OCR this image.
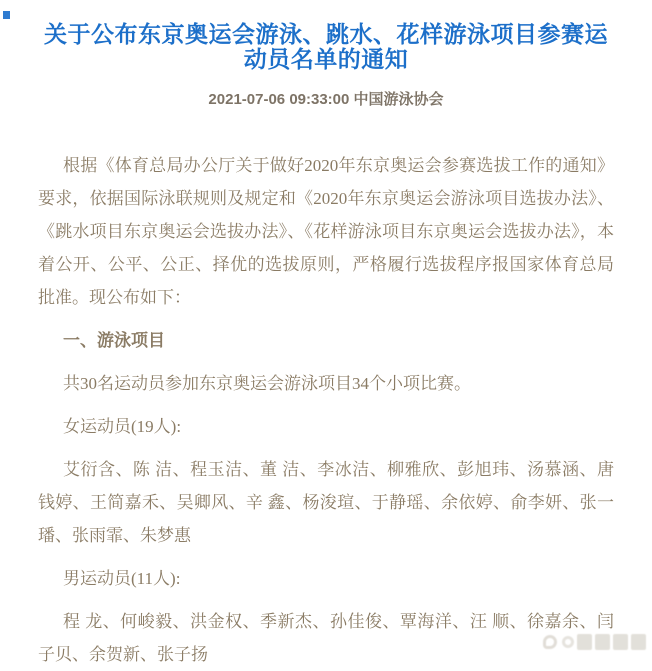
关于公布东京奥运会游泳、跳水、花样游泳项目参赛运
动员名单的通知
2021-07-06 09:33:00 中国游泳协会

根据《体育总局办公厅关于做好2020年东京奥运会参赛选拔工作的通知》要求，依据国际泳联规则及规定和《2020年东京奥运会游泳项目选拔办法》、《跳水项目东京奥运会选拔办法》、《花样游泳项目东京奥运会选拔办法》，本着公开、公平、公正、择优的选拔原则，严格履行选拔程序报国家体育总局批准。现公布如下：

一、游泳项目

共30名运动员参加东京奥运会游泳项目34个小项比赛。

女运动员(19人):

艾衍含、陈 洁、程玉洁、董 洁、李冰洁、柳雅欣、彭旭玮、汤慕涵、唐钱婷、王简嘉禾、吴卿风、辛 鑫、杨浚瑄、于静瑶、余依婷、俞李妍、张一璠、张雨霏、朱梦惠

男运动员(11人):

程 龙、何峻毅、洪金权、季新杰、孙佳俊、覃海洋、汪 顺、徐嘉余、闫子贝、余贺新、张子扬
